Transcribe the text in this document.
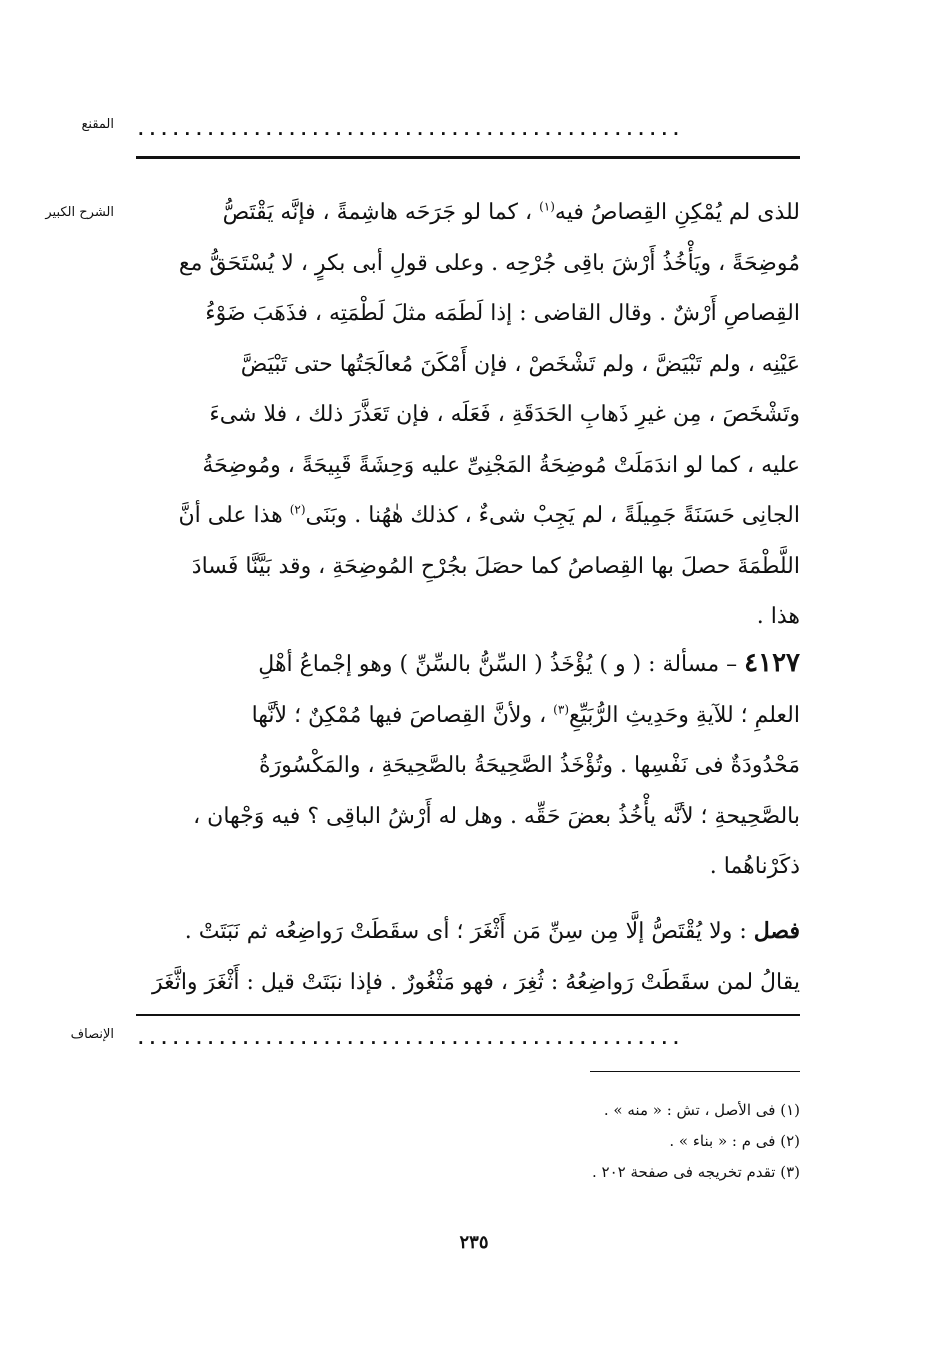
المقنع ...............................................
الشرح الكبير
الإنصاف
للذى لم يُمْكِنِ القِصاصُ فيه$^{(١)}$ ، كما لو جَرَحَه هاشِمةً ، فإنَّه يَقْتَصُّ
مُوضِحَةً ، ويَأْخُذُ أَرْشَ باقِى جُرْحِه . وعلى قولِ أبى بكرٍ ، لا يُسْتَحَقُّ مع
القِصاصِ أَرْشٌ . وقال القاضى : إذا لَطَمَه مثلَ لَطْمَتِه ، فذَهَبَ ضَوْءُ
عَيْنِه ، ولم تَبْيَضَّ ، ولم تَشْخَصْ ، فإن أَمْكَنَ مُعالَجَتُها حتى تَبْيَضَّ
وتَشْخَصَ ، مِن غيرِ ذَهابِ الحَدَقَةِ ، فَعَلَه ، فإن تَعَذَّرَ ذلك ، فلا شىءَ
عليه ، كما لو اندَمَلَتْ مُوضِحَةُ المَجْنِىِّ عليه وَحِشَةً قَبِيحَةً ، ومُوضِحَةُ
الجانِى حَسَنَةً جَمِيلَةً ، لم يَجِبْ شىءٌ ، كذلك هٰهُنا . وبَنَى$^{(٢)}$ هذا على أنَّ
اللَّطْمَةَ حصلَ بها القِصاصُ كما حصَلَ بجُرْحِ المُوضِحَةِ ، وقد بَيَّنَّا فَسادَ
هذا .
٤١٢٧ – مسألة : ( و ) يُؤْخَذُ ( السِّنُّ بالسِّنِّ ) وهو إجْماعُ أهْلِ
العلمِ ؛ للآيةِ وحَدِيثِ الرُّبَيِّعِ$^{(٣)}$ ، ولأنَّ القِصاصَ فيها مُمْكِنٌ ؛ لأنَّها
مَحْدُودَةٌ فى نَفْسِها . وتُؤْخَذُ الصَّحِيحَةُ بالصَّحِيحَةِ ، والمَكْسُورَةُ
بالصَّحِيحةِ ؛ لأنَّه يأْخُذُ بعضَ حَقِّه . وهل له أَرْشُ الباقِى ؟ فيه وَجْهان ،
ذكَرْناهُما .
فصل : ولا يُقْتَصُّ إلَّا مِن سِنِّ مَن أَثْغَرَ ؛ أى سقَطَتْ رَواضِعُه ثم نَبَتَتْ .
يقالُ لمن سقَطَتْ رَواضِعُهُ : ثُغِرَ ، فهو مَثْغُورٌ . فإذا نبَتَتْ قيل : أَثْغَرَ واثَّغَرَ
...............................................
(١) فى الأصل ، تش : « منه » .
(٢) فى م : « بناء » .
(٣) تقدم تخريجه فى صفحة ٢٠٢ .
٢٣٥
